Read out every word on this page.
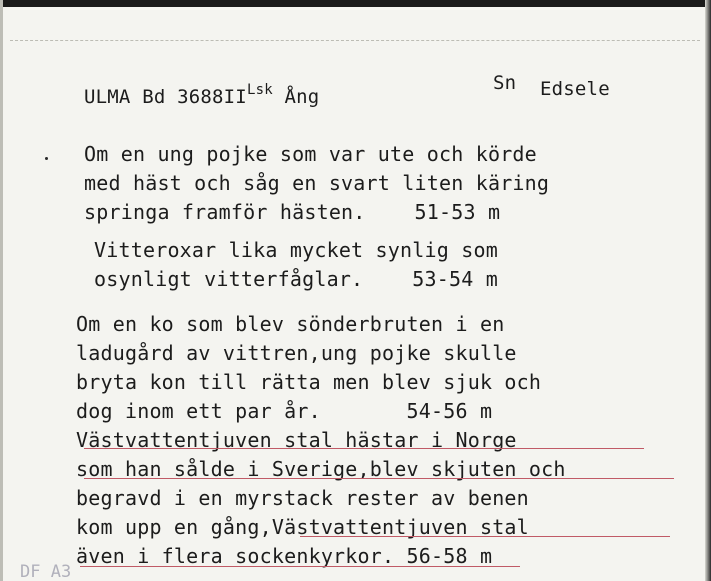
ULMA Bd $3688II^{Lsk}$ Ång
Sn Edsele
Om en ung pojke som var ute och körde
med häst och såg en svart liten käring
springa framför hästen.    51-53 m
Vitteroxar lika mycket synlig som
osynligt vitterfåglar.    53-54 m
Om en ko som blev sönderbruten i en
ladugård av vittren,ung pojke skulle
bryta kon till rätta men blev sjuk och
dog inom ett par år.       54-56 m
Västvattentjuven stal hästar i Norge
som han sålde i Sverige,blev skjuten och
begravd i en myrstack rester av benen
kom upp en gång,Västvattentjuven stal
även i flera sockenkyrkor. 56-58 m
DF A3
